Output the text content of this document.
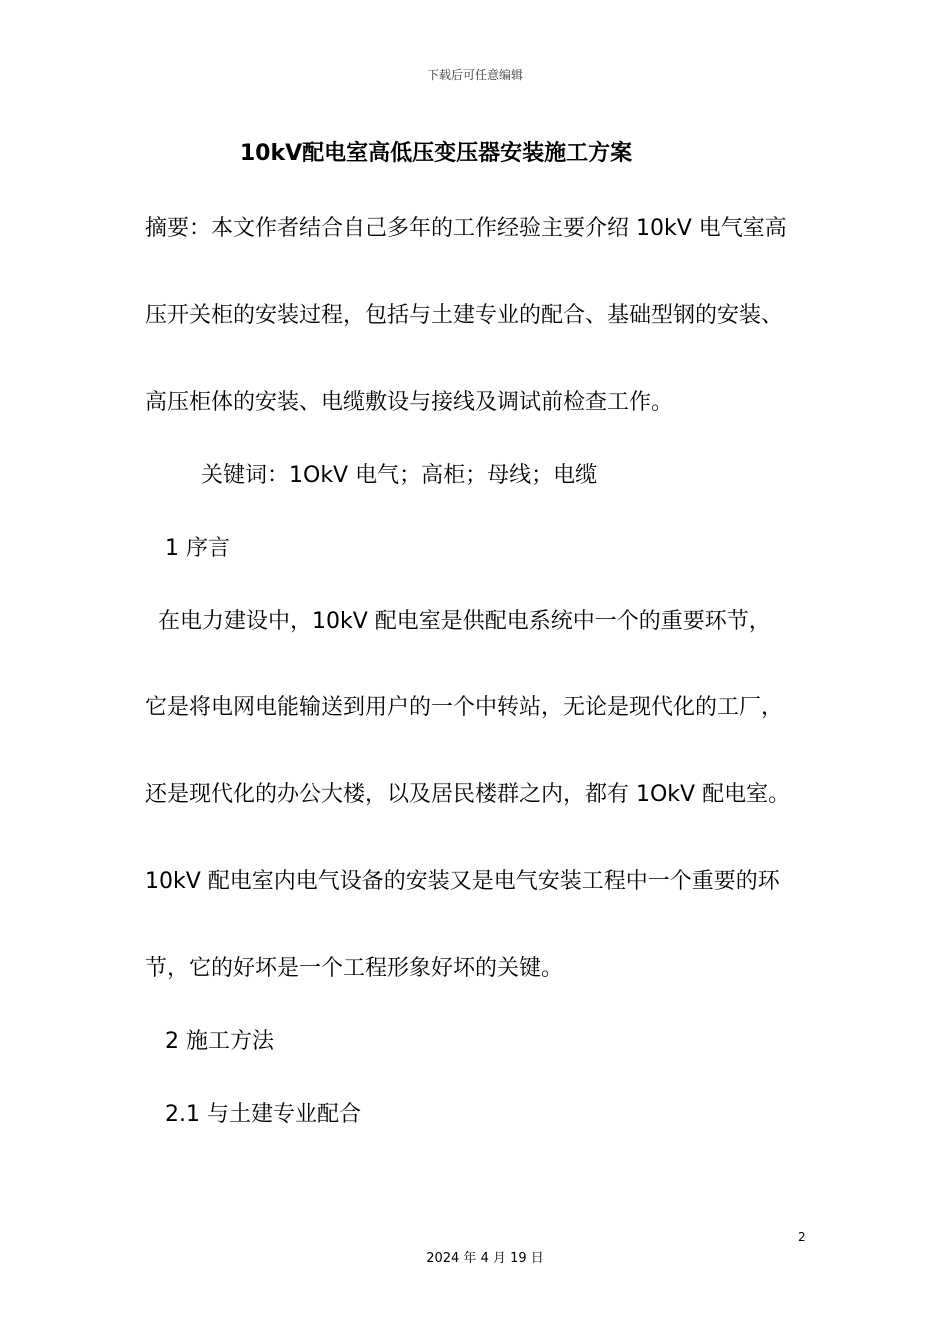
下载后可任意编辑
10kV配电室高低压变压器安装施工方案
摘要：本文作者结合自己多年的工作经验主要介绍 10kV 电气室高
压开关柜的安装过程，包括与土建专业的配合、基础型钢的安装、
高压柜体的安装、电缆敷设与接线及调试前检查工作。
关键词：1OkV 电气；高柜；母线；电缆
1 序言
在电力建设中，10kV 配电室是供配电系统中一个的重要环节，
它是将电网电能输送到用户的一个中转站，无论是现代化的工厂，
还是现代化的办公大楼，以及居民楼群之内，都有 1OkV 配电室。
10kV 配电室内电气设备的安装又是电气安装工程中一个重要的环
节，它的好坏是一个工程形象好坏的关键。
2 施工方法
2.1 与土建专业配合
2
2024 年 4 月 19 日
